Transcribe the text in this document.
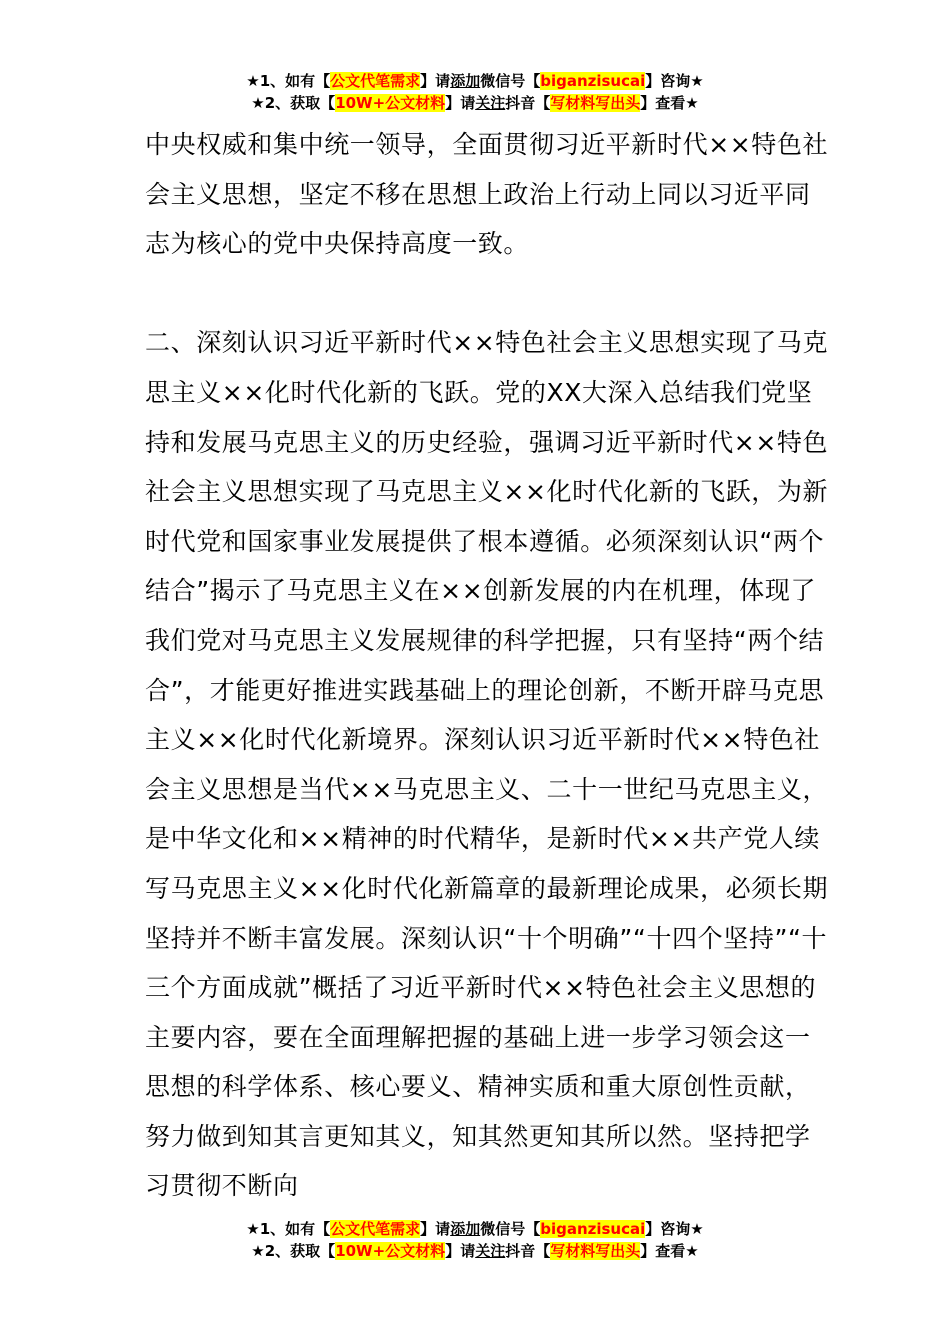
★1、如有【公文代笔需求】请添加微信号【biganzisucai】咨询★
★2、获取【10W+公文材料】请关注抖音【写材料写出头】查看★

中央权威和集中统一领导，全面贯彻习近平新时代××特色社会主义思想，坚定不移在思想上政治上行动上同以习近平同志为核心的党中央保持高度一致。

二、深刻认识习近平新时代××特色社会主义思想实现了马克思主义××化时代化新的飞跃。党的XX大深入总结我们党坚持和发展马克思主义的历史经验，强调习近平新时代××特色社会主义思想实现了马克思主义××化时代化新的飞跃，为新时代党和国家事业发展提供了根本遵循。必须深刻认识“两个结合”揭示了马克思主义在××创新发展的内在机理，体现了我们党对马克思主义发展规律的科学把握，只有坚持“两个结合”，才能更好推进实践基础上的理论创新，不断开辟马克思主义××化时代化新境界。深刻认识习近平新时代××特色社会主义思想是当代××马克思主义、二十一世纪马克思主义，是中华文化和××精神的时代精华，是新时代××共产党人续写马克思主义××化时代化新篇章的最新理论成果，必须长期坚持并不断丰富发展。深刻认识“十个明确”“十四个坚持”“十三个方面成就”概括了习近平新时代××特色社会主义思想的主要内容，要在全面理解把握的基础上进一步学习领会这一思想的科学体系、核心要义、精神实质和重大原创性贡献，努力做到知其言更知其义，知其然更知其所以然。坚持把学习贯彻不断向

★1、如有【公文代笔需求】请添加微信号【biganzisucai】咨询★
★2、获取【10W+公文材料】请关注抖音【写材料写出头】查看★
